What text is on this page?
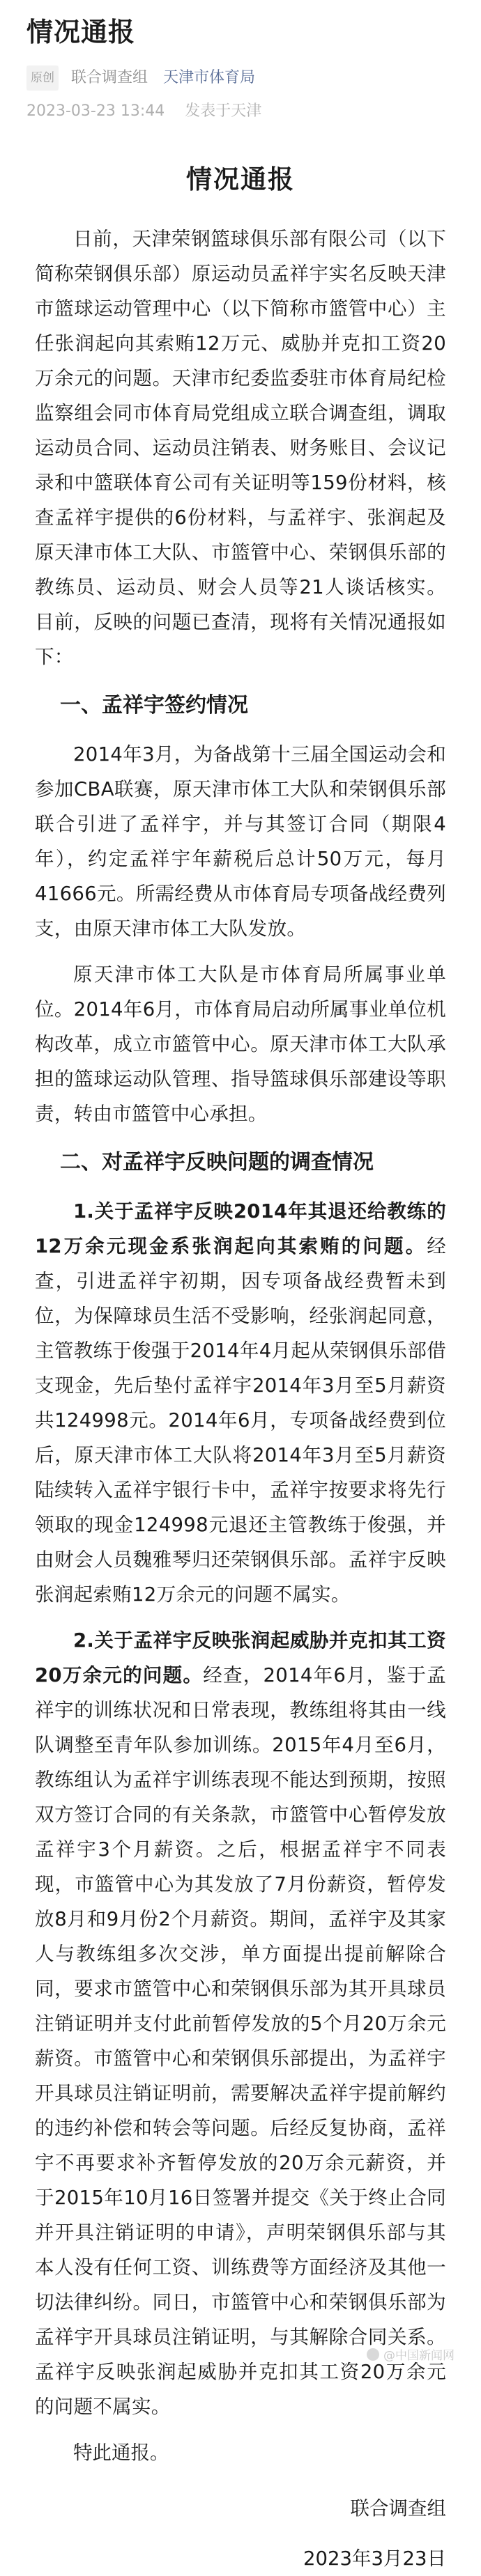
情况通报
原创 联合调查组 天津市体育局
2023-03-23 13:44 发表于天津
情况通报

日前，天津荣钢篮球俱乐部有限公司（以下简称荣钢俱乐部）原运动员孟祥宇实名反映天津市篮球运动管理中心（以下简称市篮管中心）主任张润起向其索贿12万元、威胁并克扣工资20万余元的问题。天津市纪委监委驻市体育局纪检监察组会同市体育局党组成立联合调查组，调取运动员合同、运动员注销表、财务账目、会议记录和中篮联体育公司有关证明等159份材料，核查孟祥宇提供的6份材料，与孟祥宇、张润起及原天津市体工大队、市篮管中心、荣钢俱乐部的教练员、运动员、财会人员等21人谈话核实。目前，反映的问题已查清，现将有关情况通报如下：

一、孟祥宇签约情况

2014年3月，为备战第十三届全国运动会和参加CBA联赛，原天津市体工大队和荣钢俱乐部联合引进了孟祥宇，并与其签订合同（期限4年），约定孟祥宇年薪税后总计50万元，每月41666元。所需经费从市体育局专项备战经费列支，由原天津市体工大队发放。

原天津市体工大队是市体育局所属事业单位。2014年6月，市体育局启动所属事业单位机构改革，成立市篮管中心。原天津市体工大队承担的篮球运动队管理、指导篮球俱乐部建设等职责，转由市篮管中心承担。

二、对孟祥宇反映问题的调查情况

1.关于孟祥宇反映2014年其退还给教练的12万余元现金系张润起向其索贿的问题。经查，引进孟祥宇初期，因专项备战经费暂未到位，为保障球员生活不受影响，经张润起同意，主管教练于俊强于2014年4月起从荣钢俱乐部借支现金，先后垫付孟祥宇2014年3月至5月薪资共124998元。2014年6月，专项备战经费到位后，原天津市体工大队将2014年3月至5月薪资陆续转入孟祥宇银行卡中，孟祥宇按要求将先行领取的现金124998元退还主管教练于俊强，并由财会人员魏雅琴归还荣钢俱乐部。孟祥宇反映张润起索贿12万余元的问题不属实。

2.关于孟祥宇反映张润起威胁并克扣其工资20万余元的问题。经查，2014年6月，鉴于孟祥宇的训练状况和日常表现，教练组将其由一线队调整至青年队参加训练。2015年4月至6月，教练组认为孟祥宇训练表现不能达到预期，按照双方签订合同的有关条款，市篮管中心暂停发放孟祥宇3个月薪资。之后，根据孟祥宇不同表现，市篮管中心为其发放了7月份薪资，暂停发放8月和9月份2个月薪资。期间，孟祥宇及其家人与教练组多次交涉，单方面提出提前解除合同，要求市篮管中心和荣钢俱乐部为其开具球员注销证明并支付此前暂停发放的5个月20万余元薪资。市篮管中心和荣钢俱乐部提出，为孟祥宇开具球员注销证明前，需要解决孟祥宇提前解约的违约补偿和转会等问题。后经反复协商，孟祥宇不再要求补齐暂停发放的20万余元薪资，并于2015年10月16日签署并提交《关于终止合同并开具注销证明的申请》，声明荣钢俱乐部与其本人没有任何工资、训练费等方面经济及其他一切法律纠纷。同日，市篮管中心和荣钢俱乐部为孟祥宇开具球员注销证明，与其解除合同关系。孟祥宇反映张润起威胁并克扣其工资20万余元的问题不属实。

特此通报。

联合调查组
2023年3月23日
@中国新闻网
